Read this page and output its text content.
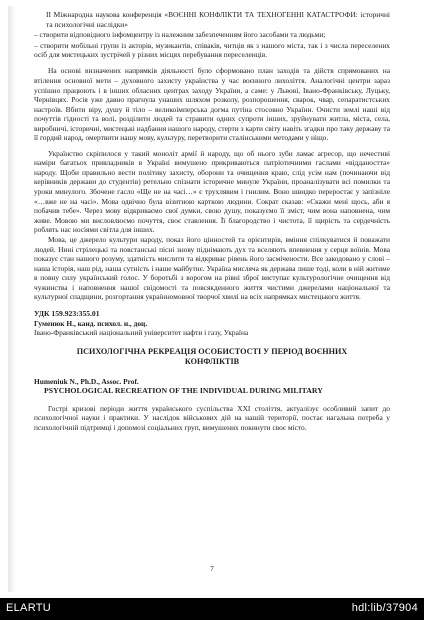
II Міжнародна наукова конференція «ВОЄННІ КОНФЛІКТИ ТА ТЕХНОГЕННІ КАТАСТРОФИ: історичні та психологічні наслідки»

– створити відповідного інфомцентру із належним забезпеченням його засобами та людьми;

– створити мобільні групи із акторів, музикантів, співаків, читців як з нашого міста, так і з числа переселених осіб для мистецьких зустрічей у різних місцях перебування переселенців.

На основі визначених напрямків діяльності було сформовано план заходів та дійств спрямованих на втілення основної мети – духовного захисту українства у час воєнного лихоліття. Аналогічні центри зараз успішно працюють і в інших обласних центрах заходу України, а саме: у Львові, Івано-Франківську, Луцьку, Чернівцях. Росія уже давно прагнула унаших шляхом розколу, розпорошення, сварок, чвар, сепаратистських настроїв. Вбити віру, душу й тіло – великоімперська догма путіна стосовно України. Очисти землі наші від почуттів гідності та волі, розділити людей та стравити одних супроти інших, зруйнувати житла, міста, села, виробничі, історичні, мистецькі надбання нашого народу, стерти з карти світу навіть згадки про таку державу та її гордий народ, омертвити нашу мову, культуру, перетворити сталінськими методами у ніщо.

Українство скріпилося у такий моноліт армії й народу, що об нього зуби ламає агресор, що нечестиві наміри багатьох привладників в Україні вимушено прикриваються патріотичними гаслами «віддаността» народу. Щоби правильно вести політику захисту, оборони та очищення краю, слід усім нам (починаючи від керівників держави до студентів) ретельно спізнати історичне минуле України, проаналізувати всі помилки та уроки минулого. Збочене гасло «Ще не на часі…» є трухлявим і гнилим. Воно швидко переростає у запізніле «…вже не на часі». Мова одвічно була візитною карткою людини. Сократ сказав: «Скажи мені щось, аби я побачив тебе». Через мову відкриваємо свої думки, свою душу, показуємо її зміст, чим вона наповнена, чим живе. Мовою ми висловлюємо почуття, своє ставлення. Її благородство і чистота, її щирість та сердечність роблять нас носіями світла для інших.

Мова, це джерело культури народу, показ його цінностей та орієнтирів, вміння спілкуватися й поважати людей. Нині стрілецькі та повстанські пісні знову піднімають дух та вселяють впевнення у серця воїнів. Мова показує стан нашого розуму, здатність мислити та відкриває рівень його засмічености. Все закодовано у слові – наша історія, наш рід, наша сутність і наше майбутнє. Україна мисляча як держава лише тоді, коли в ній житиме в повну силу український голос. У боротьбі з ворогом на рівні зброї виступає культурологічне очищення від чужинства і наповнення нашої свідомості та повсякденного життя чистими джерелами національної та культурної спадщини, розгортання українномовної творчої хвилі на всіх напрямках мистецького життя.

УДК 159.923:355.01

Гуменюк Н., канд. психол. н., доц.

Івано-Франківський національний університет нафти і газу, Україна

ПСИХОЛОГІЧНА РЕКРЕАЦІЯ ОСОБИСТОСТІ У ПЕРІОД ВОЄННИХ КОНФЛІКТІВ

Humeniuk N., Ph.D., Assoc. Prof.

PSYCHOLOGICAL RECREATION OF THE INDIVIDUAL DURING MILITARY

Гострі кризові періоди життя українського суспільства XXI століття, актуалізує особливий запит до психологічної науки і практики. У наслідок військових дій на нашій території, постає нагальна потреба у психологічній підтримці і допомозі соціальних груп, вимушених покинути своє місто.

7
ELARTU	hdl:lib/37904
